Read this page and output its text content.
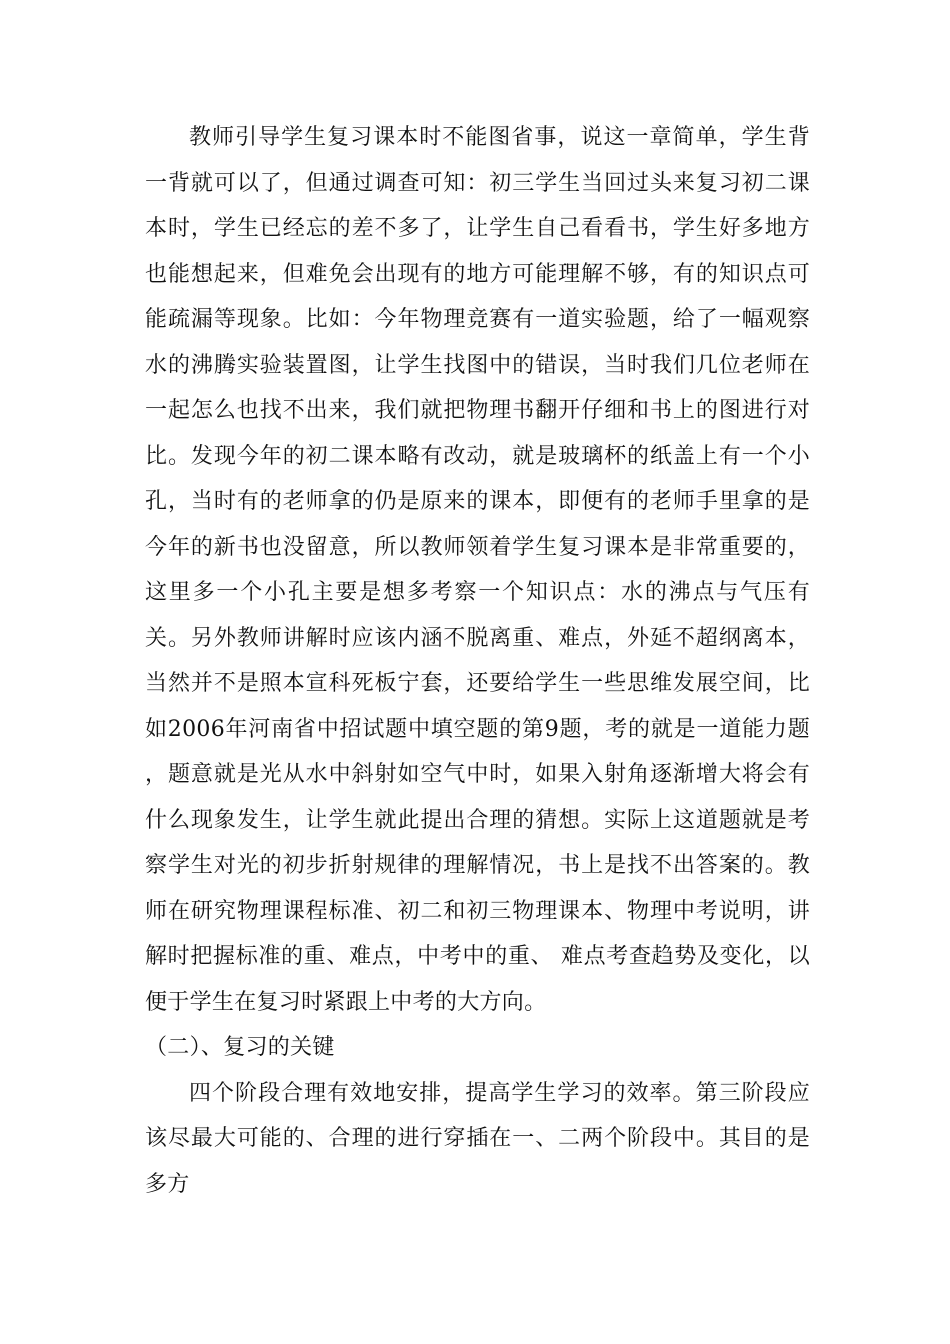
教师引导学生复习课本时不能图省事，说这一章简单，学生背一背就可以了，但通过调查可知：初三学生当回过头来复习初二课本时，学生已经忘的差不多了，让学生自己看看书，学生好多地方也能想起来，但难免会出现有的地方可能理解不够，有的知识点可能疏漏等现象。比如：今年物理竞赛有一道实验题，给了一幅观察水的沸腾实验装置图，让学生找图中的错误，当时我们几位老师在一起怎么也找不出来，我们就把物理书翻开仔细和书上的图进行对比。发现今年的初二课本略有改动，就是玻璃杯的纸盖上有一个小孔，当时有的老师拿的仍是原来的课本，即便有的老师手里拿的是今年的新书也没留意，所以教师领着学生复习课本是非常重要的，这里多一个小孔主要是想多考察一个知识点：水的沸点与气压有关。另外教师讲解时应该内涵不脱离重、难点，外延不超纲离本，当然并不是照本宣科死板宁套，还要给学生一些思维发展空间，比如2006年河南省中招试题中填空题的第9题，考的就是一道能力题 ，题意就是光从水中斜射如空气中时，如果入射角逐渐增大将会有什么现象发生，让学生就此提出合理的猜想。实际上这道题就是考察学生对光的初步折射规律的理解情况，书上是找不出答案的。教师在研究物理课程标准、初二和初三物理课本、物理中考说明，讲解时把握标准的重、难点，中考中的重、 难点考查趋势及变化，以便于学生在复习时紧跟上中考的大方向。

（二）、复习的关键

四个阶段合理有效地安排，提高学生学习的效率。第三阶段应该尽最大可能的、合理的进行穿插在一、二两个阶段中。其目的是多方
